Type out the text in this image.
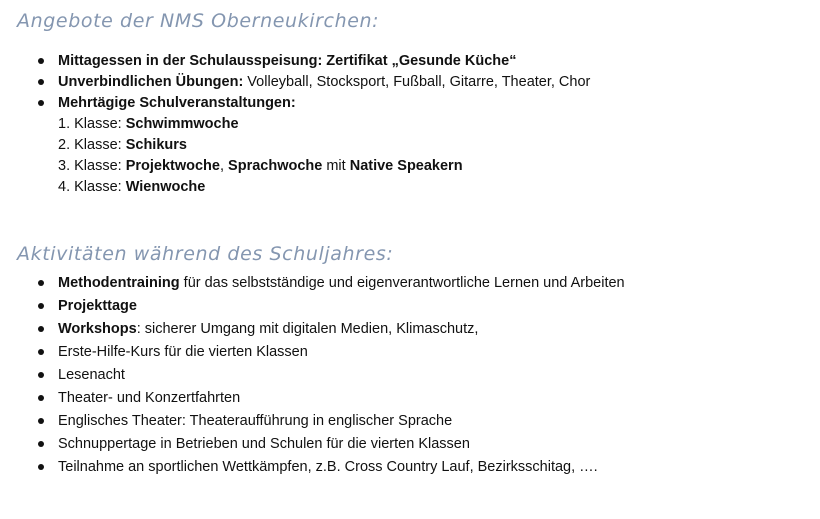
Angebote der NMS Oberneukirchen:
Mittagessen in der Schulausspeisung: Zertifikat „Gesunde Küche“
Unverbindlichen Übungen: Volleyball, Stocksport, Fußball, Gitarre, Theater, Chor
Mehrtägige Schulveranstaltungen:
1. Klasse: Schwimmwoche
2. Klasse: Schikurs
3. Klasse: Projektwoche, Sprachwoche mit Native Speakern
4. Klasse: Wienwoche
Aktivitäten während des Schuljahres:
Methodentraining für das selbstständige und eigenverantwortliche Lernen und Arbeiten
Projekttage
Workshops: sicherer Umgang mit digitalen Medien, Klimaschutz,
Erste-Hilfe-Kurs für die vierten Klassen
Lesenacht
Theater- und Konzertfahrten
Englisches Theater: Theateraufführung in englischer Sprache
Schnuppertage in Betrieben und Schulen für die vierten Klassen
Teilnahme an sportlichen Wettkämpfen, z.B. Cross Country Lauf, Bezirksschitag, ….
